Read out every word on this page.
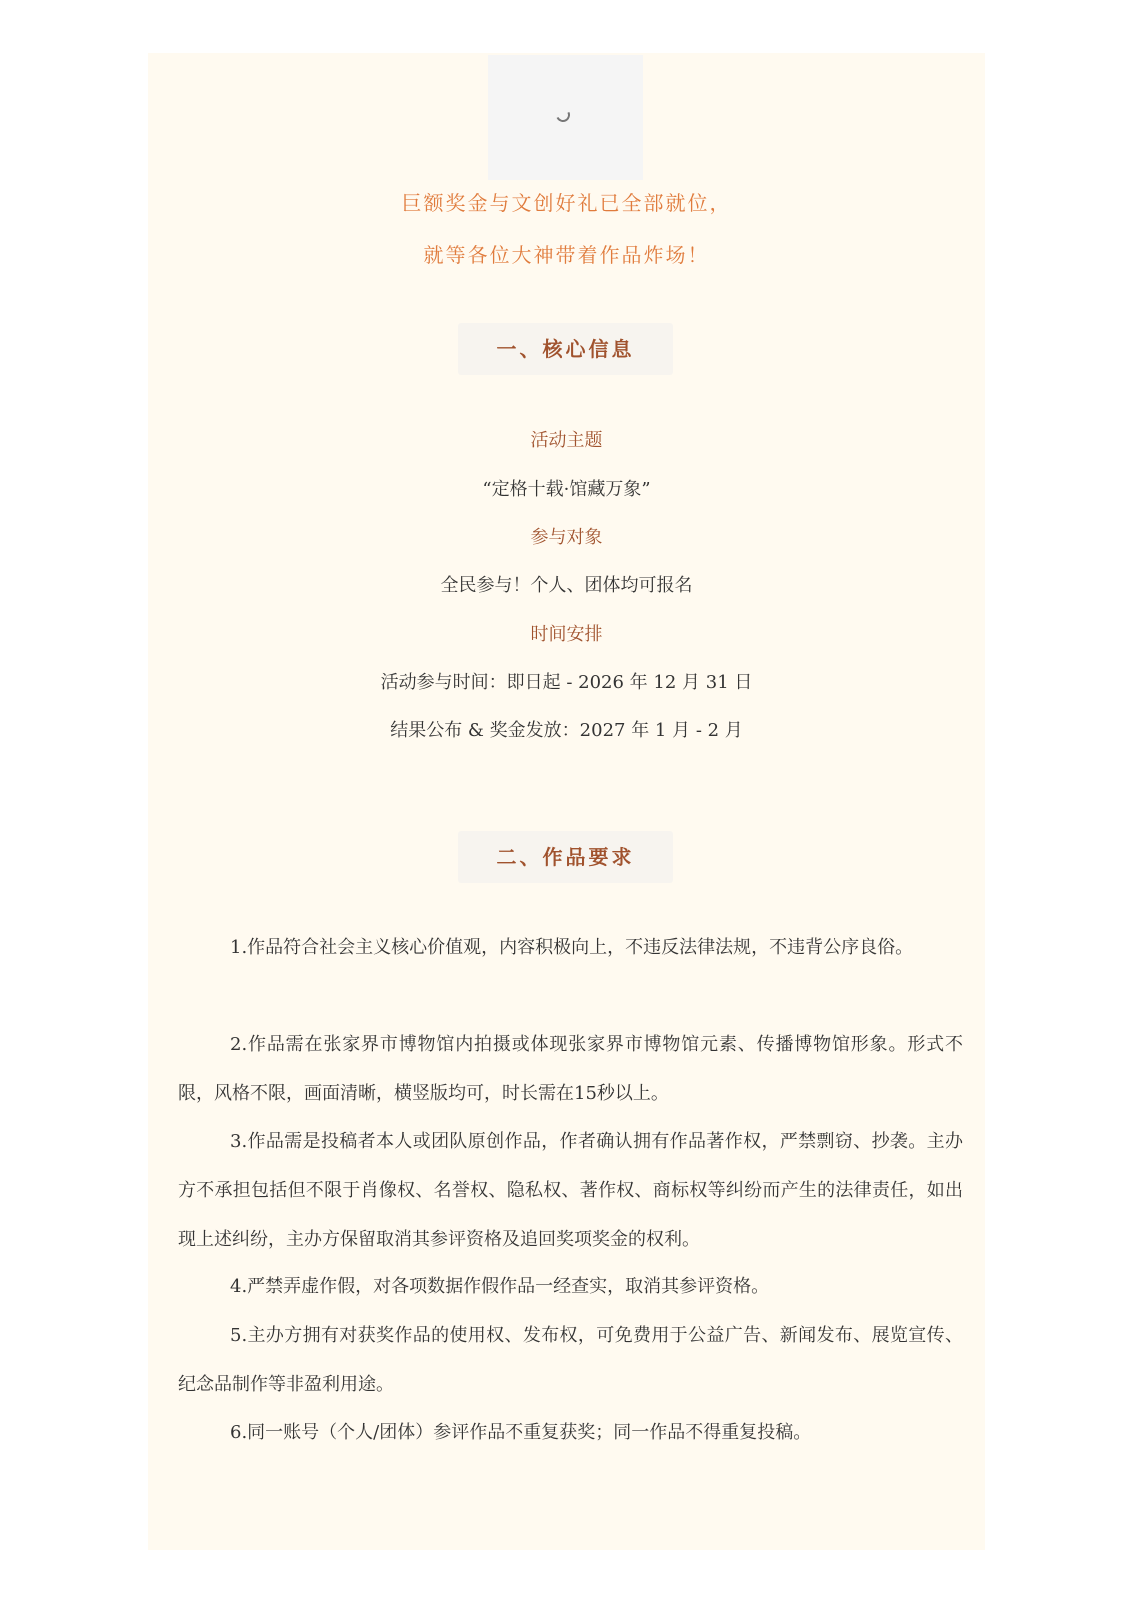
巨额奖金与文创好礼已全部就位，
就等各位大神带着作品炸场！
一、核心信息
活动主题
“定格十载·馆藏万象”
参与对象
全民参与！个人、团体均可报名
时间安排
活动参与时间：即日起 - 2026 年 12 月 31 日
结果公布 & 奖金发放：2027 年 1 月 - 2 月
二、作品要求

1.作品符合社会主义核心价值观，内容积极向上，不违反法律法规，不违背公序良俗。

2.作品需在张家界市博物馆内拍摄或体现张家界市博物馆元素、传播博物馆形象。形式不限，风格不限，画面清晰，横竖版均可，时长需在15秒以上。

3.作品需是投稿者本人或团队原创作品，作者确认拥有作品著作权，严禁剽窃、抄袭。主办方不承担包括但不限于肖像权、名誉权、隐私权、著作权、商标权等纠纷而产生的法律责任，如出现上述纠纷，主办方保留取消其参评资格及追回奖项奖金的权利。

4.严禁弄虚作假，对各项数据作假作品一经查实，取消其参评资格。

5.主办方拥有对获奖作品的使用权、发布权，可免费用于公益广告、新闻发布、展览宣传、纪念品制作等非盈利用途。

6.同一账号（个人/团体）参评作品不重复获奖；同一作品不得重复投稿。
